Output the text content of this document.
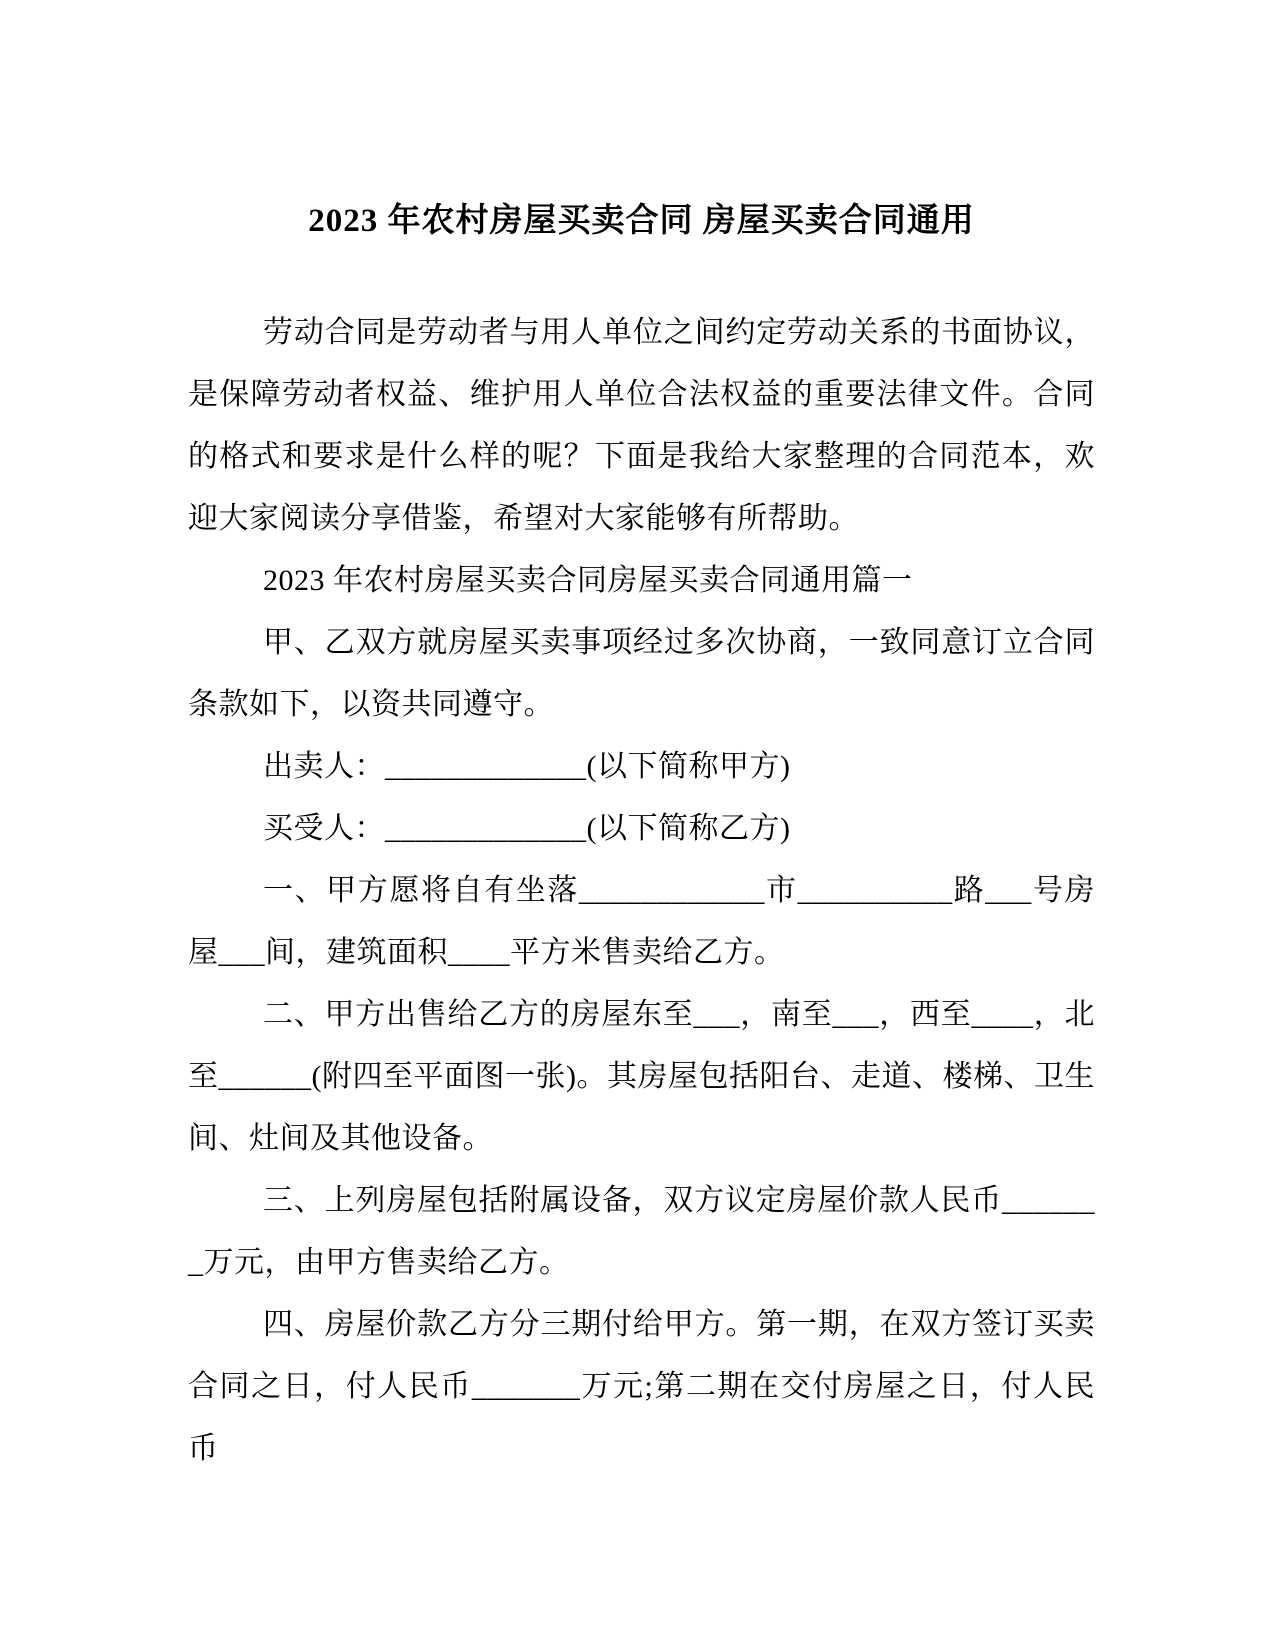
2023 年农村房屋买卖合同 房屋买卖合同通用

劳动合同是劳动者与用人单位之间约定劳动关系的书面协议，是保障劳动者权益、维护用人单位合法权益的重要法律文件。合同的格式和要求是什么样的呢？下面是我给大家整理的合同范本，欢迎大家阅读分享借鉴，希望对大家能够有所帮助。

2023 年农村房屋买卖合同房屋买卖合同通用篇一

甲、乙双方就房屋买卖事项经过多次协商，一致同意订立合同条款如下，以资共同遵守。

出卖人：_____________(以下简称甲方)

买受人：_____________(以下简称乙方)

一、甲方愿将自有坐落____________市__________路___号房屋___间，建筑面积____平方米售卖给乙方。

二、甲方出售给乙方的房屋东至___，南至___，西至____，北至______(附四至平面图一张)。其房屋包括阳台、走道、楼梯、卫生间、灶间及其他设备。

三、上列房屋包括附属设备，双方议定房屋价款人民币_______万元，由甲方售卖给乙方。

四、房屋价款乙方分三期付给甲方。第一期，在双方签订买卖合同之日，付人民币_______万元;第二期在交付房屋之日，付人民币
